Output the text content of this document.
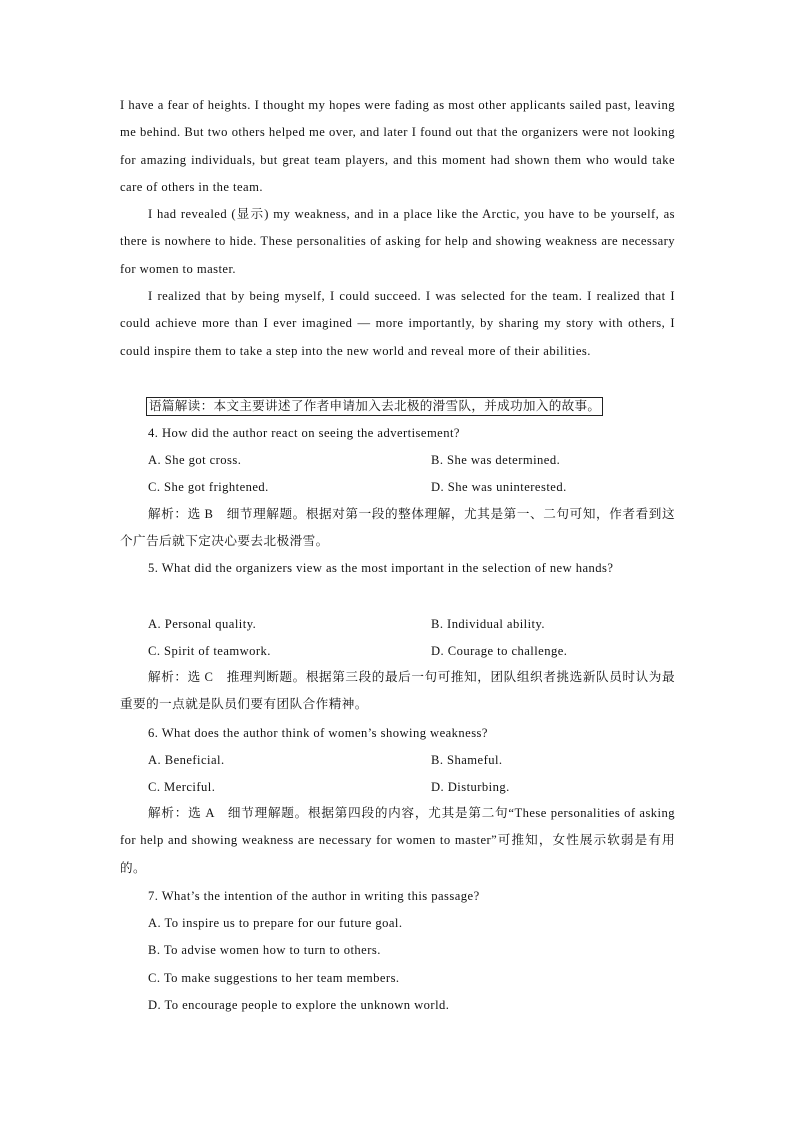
I have a fear of heights. I thought my hopes were fading as most other applicants sailed past, leaving me behind. But two others helped me over, and later I found out that the organizers were not looking for amazing individuals, but great team players, and this moment had shown them who would take care of others in the team.

I had revealed (显示) my weakness, and in a place like the Arctic, you have to be yourself, as there is nowhere to hide. These personalities of asking for help and showing weakness are necessary for women to master.

I realized that by being myself, I could succeed. I was selected for the team. I realized that I could achieve more than I ever imagined — more importantly, by sharing my story with others, I could inspire them to take a step into the new world and reveal more of their abilities.

语篇解读：本文主要讲述了作者申请加入去北极的滑雪队，并成功加入的故事。

4. How did the author react on seeing the advertisement?

A. She got cross.	B. She was determined.

C. She got frightened.	D. She was uninterested.

解析：选 B　细节理解题。根据对第一段的整体理解，尤其是第一、二句可知，作者看到这个广告后就下定决心要去北极滑雪。

5. What did the organizers view as the most important in the selection of new hands?

A. Personal quality.	B. Individual ability.

C. Spirit of teamwork.	D. Courage to challenge.

解析：选 C　推理判断题。根据第三段的最后一句可推知，团队组织者挑选新队员时认为最重要的一点就是队员们要有团队合作精神。

6. What does the author think of women’s showing weakness?

A. Beneficial.	B. Shameful.

C. Merciful.	D. Disturbing.

解析：选 A　细节理解题。根据第四段的内容，尤其是第二句“These personalities of asking for help and showing weakness are necessary for women to master”可推知，女性展示软弱是有用的。

7. What’s the intention of the author in writing this passage?

A. To inspire us to prepare for our future goal.

B. To advise women how to turn to others.

C. To make suggestions to her team members.

D. To encourage people to explore the unknown world.
